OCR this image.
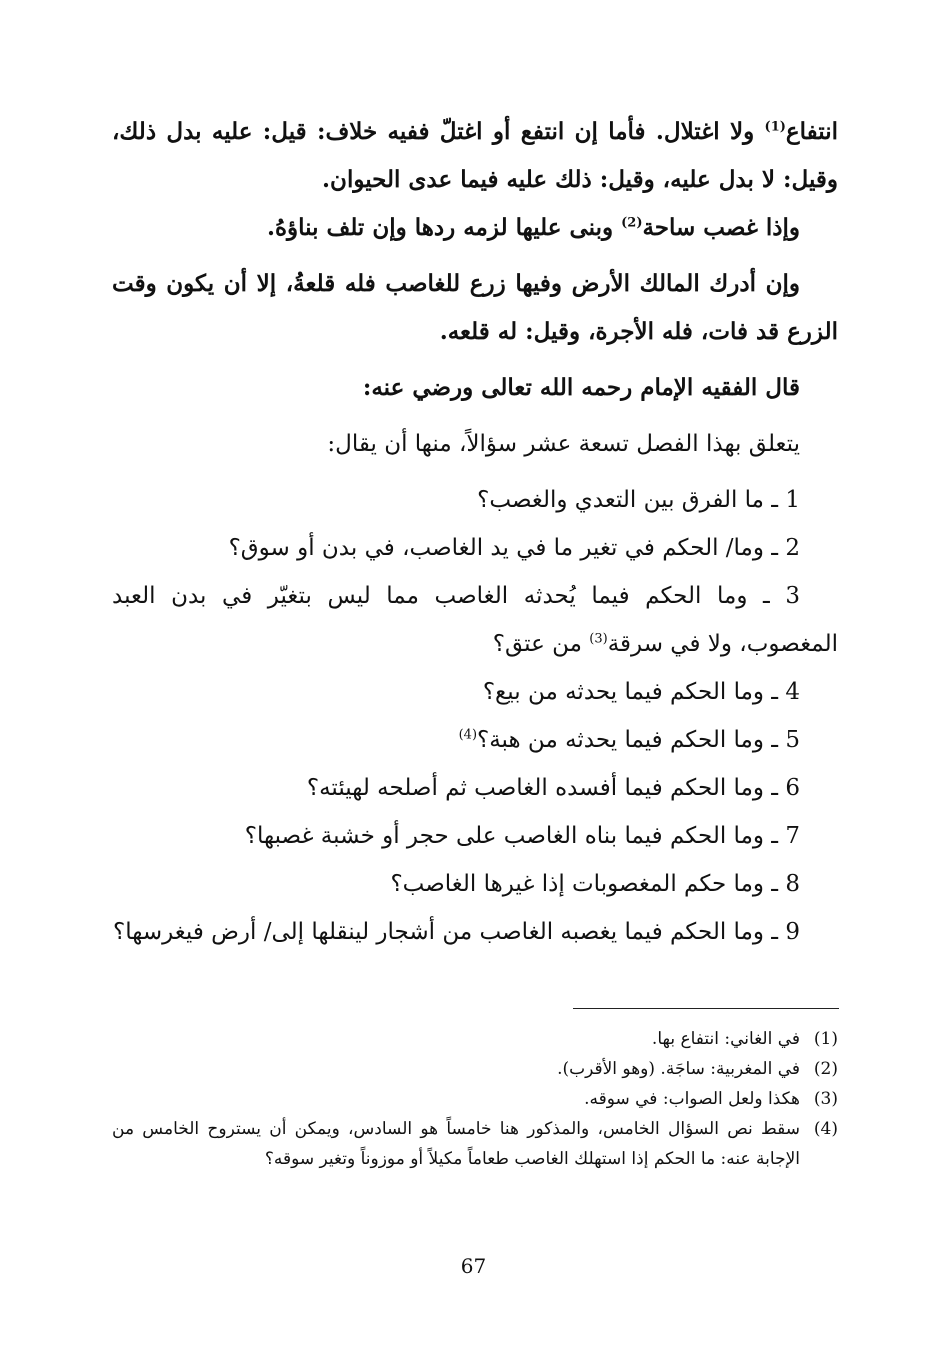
انتفاع$^{(1)}$ ولا اغتلال. فأما إن انتفع أو اغتلّ ففيه خلاف: قيل: عليه بدل ذلك، وقيل: لا بدل عليه، وقيل: ذلك عليه فيما عدى الحيوان.

وإذا غصب ساحة$^{(2)}$ وبنى عليها لزمه ردها وإن تلف بناؤهُ.

وإن أدرك المالك الأرض وفيها زرع للغاصب فله قلعةُ، إلا أن يكون وقت الزرع قد فات، فله الأجرة، وقيل: له قلعه.

قال الفقيه الإمام رحمه الله تعالى ورضي عنه:

يتعلق بهذا الفصل تسعة عشر سؤالاً، منها أن يقال:

1 ـ ما الفرق بين التعدي والغصب؟

2 ـ وما/ الحكم في تغير ما في يد الغاصب، في بدن أو سوق؟

3 ـ وما الحكم فيما يُحدثه الغاصب مما ليس بتغيّر في بدن العبد المغصوب، ولا في سرقة$^{(3)}$ من عتق؟

4 ـ وما الحكم فيما يحدثه من بيع؟

5 ـ وما الحكم فيما يحدثه من هبة؟$^{(4)}$

6 ـ وما الحكم فيما أفسده الغاصب ثم أصلحه لهيئته؟

7 ـ وما الحكم فيما بناه الغاصب على حجر أو خشبة غصبها؟

8 ـ وما حكم المغصوبات إذا غيرها الغاصب؟

9 ـ وما الحكم فيما يغصبه الغاصب من أشجار لينقلها إلى/ أرض فيغرسها؟

(1)
في الغاني: انتفاع بها.
(2)
في المغربية: ساجَة. (وهو الأقرب).
(3)
هكذا ولعل الصواب: في سوقه.
(4)
سقط نص السؤال الخامس، والمذكور هنا خامساً هو السادس، ويمكن أن يستروح الخامس من الإجابة عنه: ما الحكم إذا استهلك الغاصب طعاماً مكيلاً أو موزوناً وتغير سوقه؟
67
